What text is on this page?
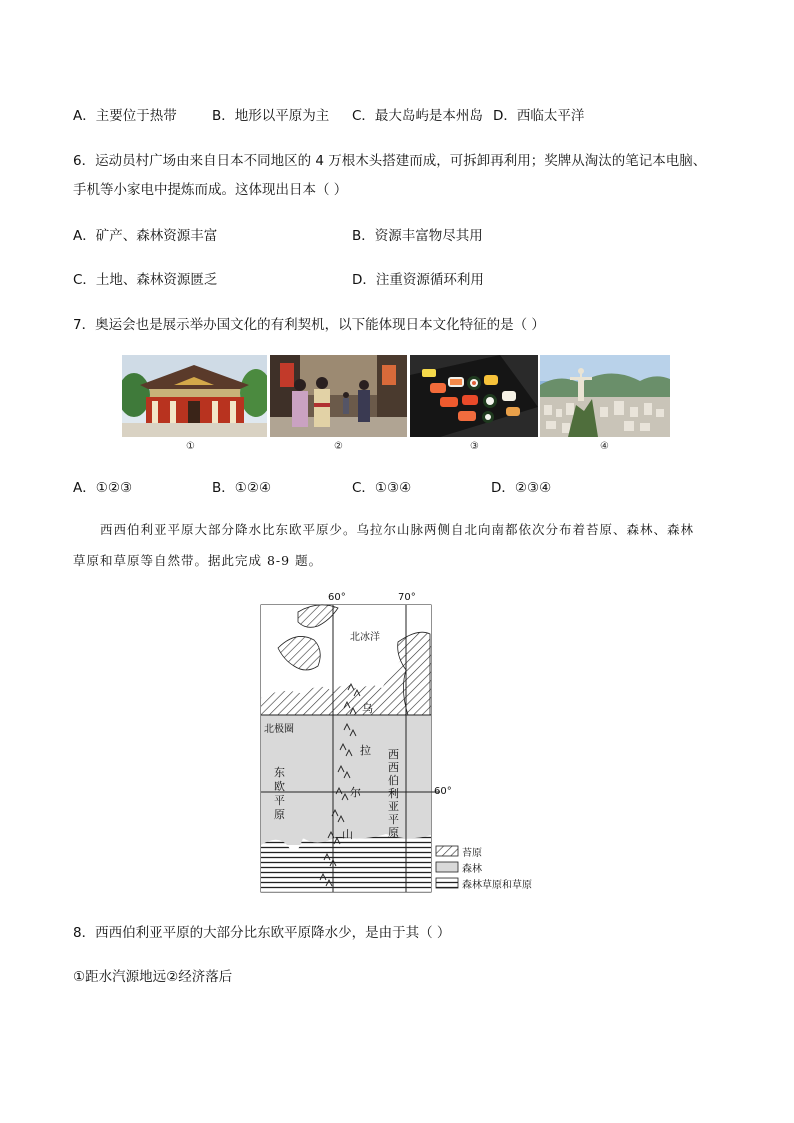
A．主要位于热带	B．地形以平原为主 C．最大岛屿是本州岛 D．西临太平洋
6．运动员村广场由来自日本不同地区的 4 万根木头搭建而成，可拆卸再利用；奖牌从淘汰的笔记本电脑、
手机等小家电中提炼而成。这体现出日本（ ）
A．矿产、森林资源丰富	B．资源丰富物尽其用
C．土地、森林资源匮乏	D．注重资源循环利用
7．奥运会也是展示举办国文化的有利契机，以下能体现日本文化特征的是（ ）
①	②	③	④
A．①②③	B．①②④	C．①③④	D．②③④
西西伯利亚平原大部分降水比东欧平原少。乌拉尔山脉两侧自北向南都依次分布着苔原、森林、森林
草原和草原等自然带。据此完成 8-9 题。
60°	70°
60°
北冰洋
北极圈
东
欧
平
原
西
西
伯
利
亚
平
原
乌
拉
尔
山
苔原
森林
森林草原和草原
8．西西伯利亚平原的大部分比东欧平原降水少，是由于其（ ）
①距水汽源地远②经济落后
